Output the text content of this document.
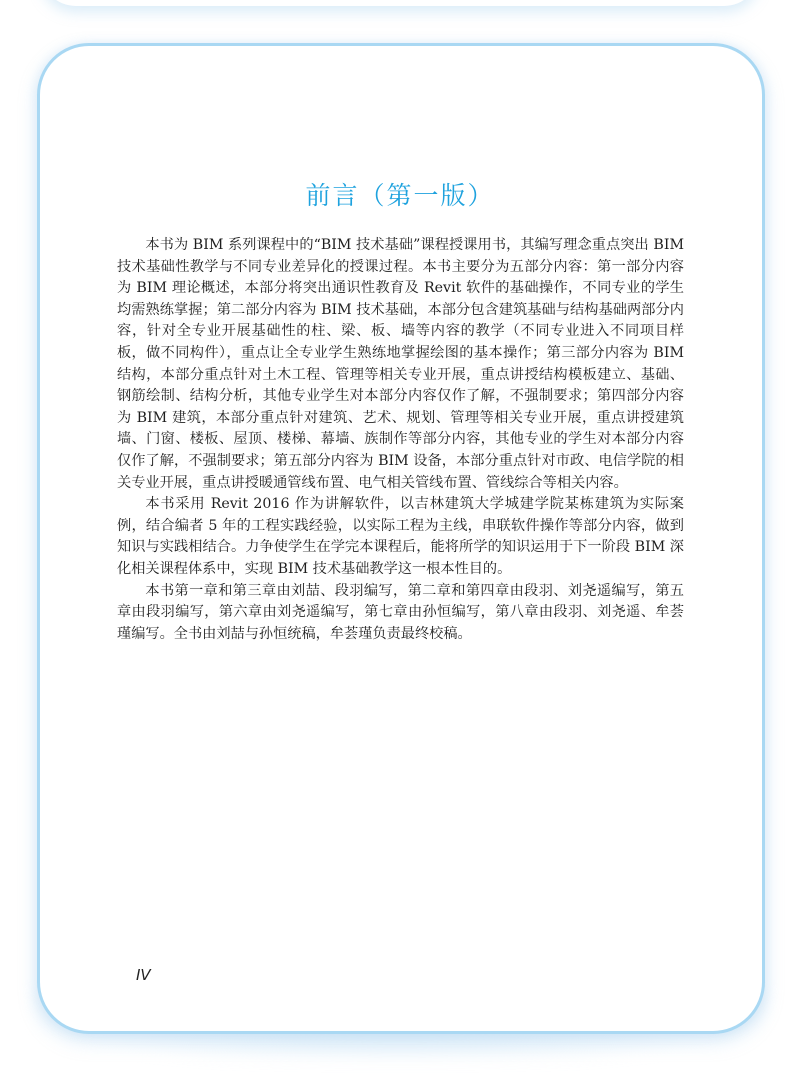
前言（第一版）

本书为 BIM 系列课程中的“BIM 技术基础”课程授课用书，其编写理念重点突出 BIM 技术基础性教学与不同专业差异化的授课过程。本书主要分为五部分内容：第一部分内容为 BIM 理论概述，本部分将突出通识性教育及 Revit 软件的基础操作，不同专业的学生均需熟练掌握；第二部分内容为 BIM 技术基础，本部分包含建筑基础与结构基础两部分内容，针对全专业开展基础性的柱、梁、板、墙等内容的教学（不同专业进入不同项目样板，做不同构件），重点让全专业学生熟练地掌握绘图的基本操作；第三部分内容为 BIM 结构，本部分重点针对土木工程、管理等相关专业开展，重点讲授结构模板建立、基础、钢筋绘制、结构分析，其他专业学生对本部分内容仅作了解，不强制要求；第四部分内容为 BIM 建筑，本部分重点针对建筑、艺术、规划、管理等相关专业开展，重点讲授建筑墙、门窗、楼板、屋顶、楼梯、幕墙、族制作等部分内容，其他专业的学生对本部分内容仅作了解，不强制要求；第五部分内容为 BIM 设备，本部分重点针对市政、电信学院的相关专业开展，重点讲授暖通管线布置、电气相关管线布置、管线综合等相关内容。

本书采用 Revit 2016 作为讲解软件，以吉林建筑大学城建学院某栋建筑为实际案例，结合编者 5 年的工程实践经验，以实际工程为主线，串联软件操作等部分内容，做到知识与实践相结合。力争使学生在学完本课程后，能将所学的知识运用于下一阶段 BIM 深化相关课程体系中，实现 BIM 技术基础教学这一根本性目的。

本书第一章和第三章由刘喆、段羽编写，第二章和第四章由段羽、刘尧遥编写，第五章由段羽编写，第六章由刘尧遥编写，第七章由孙恒编写，第八章由段羽、刘尧遥、牟荟瑾编写。全书由刘喆与孙恒统稿，牟荟瑾负责最终校稿。

IV
